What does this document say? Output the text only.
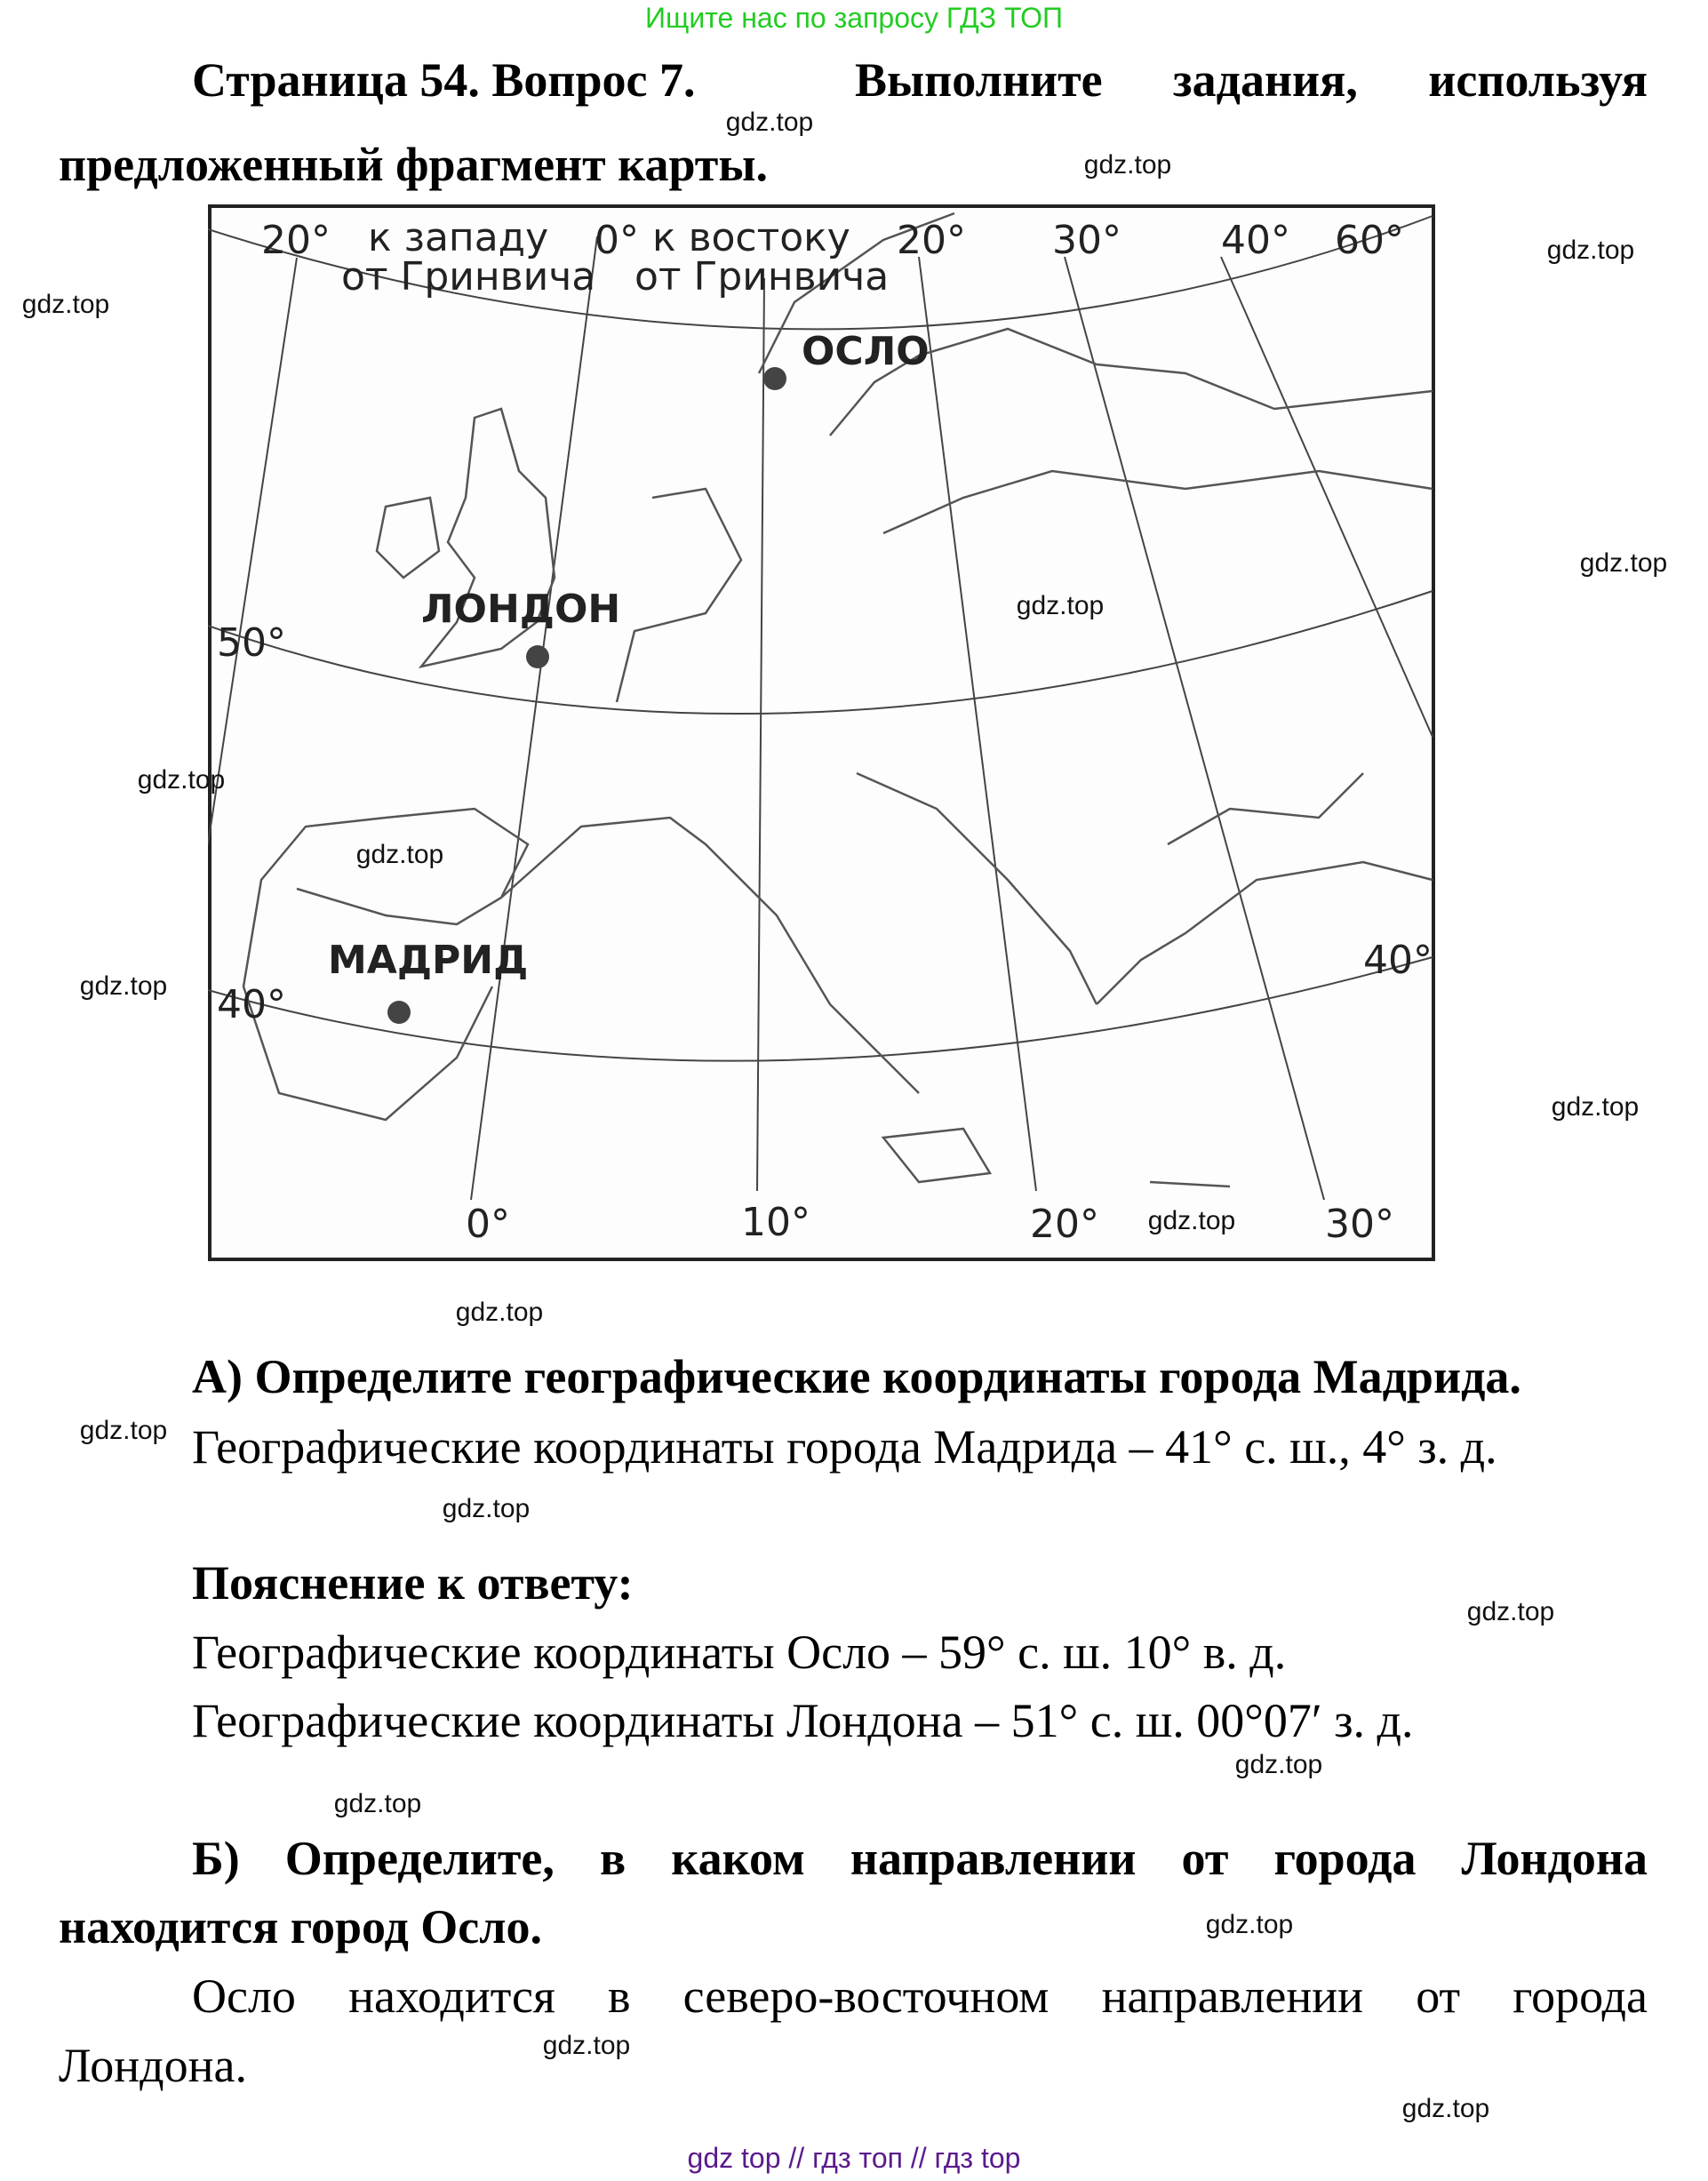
Ищите нас по запросу ГДЗ ТОП
Страница 54. Вопрос 7.	Выполните задания, используя
предложенный фрагмент карты.
20° к западу
от Гринвича
0° к востоку
от Гринвича
20° 30°	40° 60°
50°
40°
40°
0°	10°	20°	30°
ОСЛО
ЛОНДОН
МАДРИД
А) Определите географические координаты города Мадрида.
Географические координаты города Мадрида – 41° с. ш., 4° з. д.
Пояснение к ответу:
Географические координаты Осло – 59° с. ш. 10° в. д.
Географические координаты Лондона – 51° с. ш. 00°07′ з. д.
Б) Определите, в каком направлении от города Лондона
находится город Осло.
Осло находится в северо-восточном направлении от города
Лондона.
gdz.top
gdz.top
gdz.top
gdz.top
gdz.top
gdz.top
gdz.top
gdz.top
gdz.top
gdz.top
gdz.top
gdz.top
gdz.top
gdz.top
gdz.top
gdz.top
gdz.top
gdz.top
gdz.top
gdz.top
gdz top // гдз топ // гдз top
